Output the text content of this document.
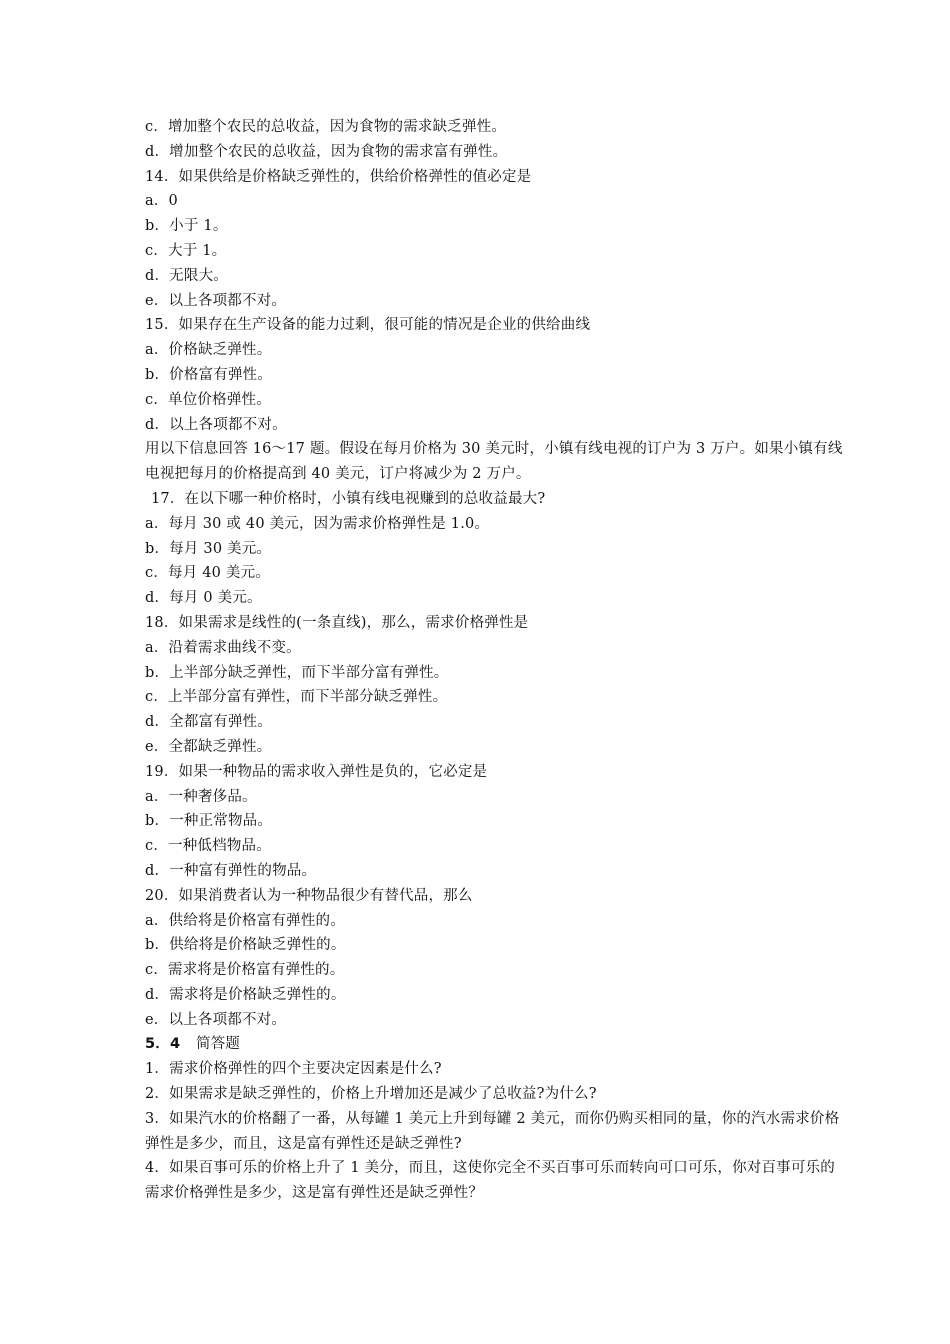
c．增加整个农民的总收益，因为食物的需求缺乏弹性。
d．增加整个农民的总收益，因为食物的需求富有弹性。
14．如果供给是价格缺乏弹性的，供给价格弹性的值必定是
a．0
b．小于 1。
c．大于 1。
d．无限大。
e．以上各项都不对。
15．如果存在生产设备的能力过剩，很可能的情况是企业的供给曲线
a．价格缺乏弹性。
b．价格富有弹性。
c．单位价格弹性。
d．以上各项都不对。
用以下信息回答 16～17 题。假设在每月价格为 30 美元时，小镇有线电视的订户为 3 万户。如果小镇有线电视把每月的价格提高到 40 美元，订户将减少为 2 万户。
17．在以下哪一种价格时，小镇有线电视赚到的总收益最大?
a．每月 30 或 40 美元，因为需求价格弹性是 1.0。
b．每月 30 美元。
c．每月 40 美元。
d．每月 0 美元。
18．如果需求是线性的(一条直线)，那么，需求价格弹性是
a．沿着需求曲线不变。
b．上半部分缺乏弹性，而下半部分富有弹性。
c．上半部分富有弹性，而下半部分缺乏弹性。
d．全都富有弹性。
e．全都缺乏弹性。
19．如果一种物品的需求收入弹性是负的，它必定是
a．一种奢侈品。
b．一种正常物品。
c．一种低档物品。
d．一种富有弹性的物品。
20．如果消费者认为一种物品很少有替代品，那么
a．供给将是价格富有弹性的。
b．供给将是价格缺乏弹性的。
c．需求将是价格富有弹性的。
d．需求将是价格缺乏弹性的。
e．以上各项都不对。
5．4 简答题
1．需求价格弹性的四个主要决定因素是什么?
2．如果需求是缺乏弹性的，价格上升增加还是减少了总收益?为什么?
3．如果汽水的价格翻了一番，从每罐 1 美元上升到每罐 2 美元，而你仍购买相同的量，你的汽水需求价格弹性是多少，而且，这是富有弹性还是缺乏弹性?
4．如果百事可乐的价格上升了 1 美分，而且，这使你完全不买百事可乐而转向可口可乐，你对百事可乐的需求价格弹性是多少，这是富有弹性还是缺乏弹性？
